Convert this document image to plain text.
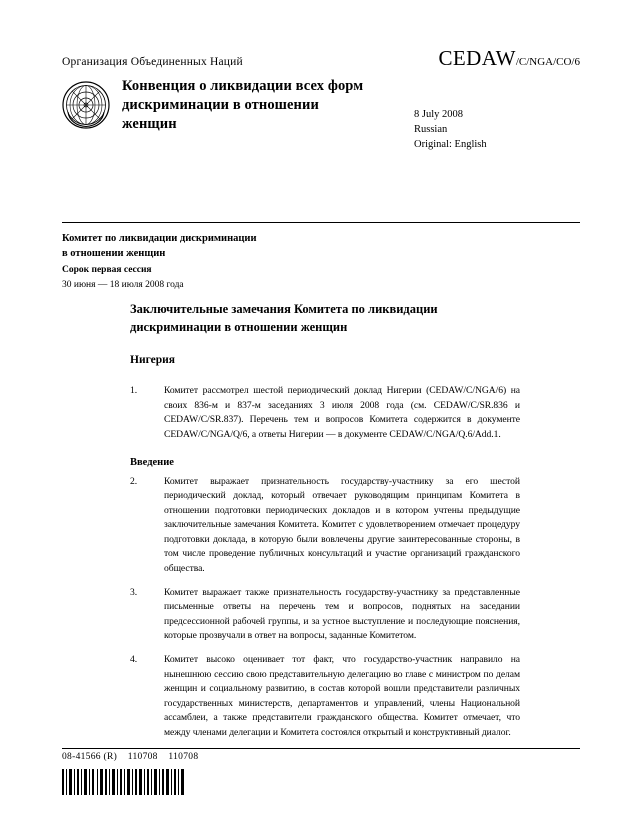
Организация Объединенных Наций	CEDAW/C/NGA/CO/6
Конвенция о ликвидации всех форм дискриминации в отношении женщин
8 July 2008
Russian
Original: English
Комитет по ликвидации дискриминации
в отношении женщин
Сорок первая сессия
30 июня — 18 июля 2008 года
Заключительные замечания Комитета по ликвидации дискриминации в отношении женщин
Нигерия
1.	Комитет рассмотрел шестой периодический доклад Нигерии (CEDAW/C/NGA/6) на своих 836-м и 837-м заседаниях 3 июля 2008 года (см. CEDAW/C/SR.836 и CEDAW/C/SR.837). Перечень тем и вопросов Комитета содержится в документе CEDAW/C/NGA/Q/6, а ответы Нигерии — в документе CEDAW/C/NGA/Q.6/Add.1.
Введение
2.	Комитет выражает признательность государству-участнику за его шестой периодический доклад, который отвечает руководящим принципам Комитета в отношении подготовки периодических докладов и в котором учтены предыдущие заключительные замечания Комитета. Комитет с удовлетворением отмечает процедуру подготовки доклада, в которую были вовлечены другие заинтересованные стороны, в том числе проведение публичных консультаций и участие организаций гражданского общества.
3.	Комитет выражает также признательность государству-участнику за представленные письменные ответы на перечень тем и вопросов, поднятых на заседании предсессионной рабочей группы, и за устное выступление и последующие пояснения, которые прозвучали в ответ на вопросы, заданные Комитетом.
4.	Комитет высоко оценивает тот факт, что государство-участник направило на нынешнюю сессию свою представительную делегацию во главе с министром по делам женщин и социальному развитию, в состав которой вошли представители различных государственных министерств, департаментов и управлений, члены Национальной ассамблеи, а также представители гражданского общества. Комитет отмечает, что между членами делегации и Комитета состоялся открытый и конструктивный диалог.
08-41566 (R) 110708 110708
